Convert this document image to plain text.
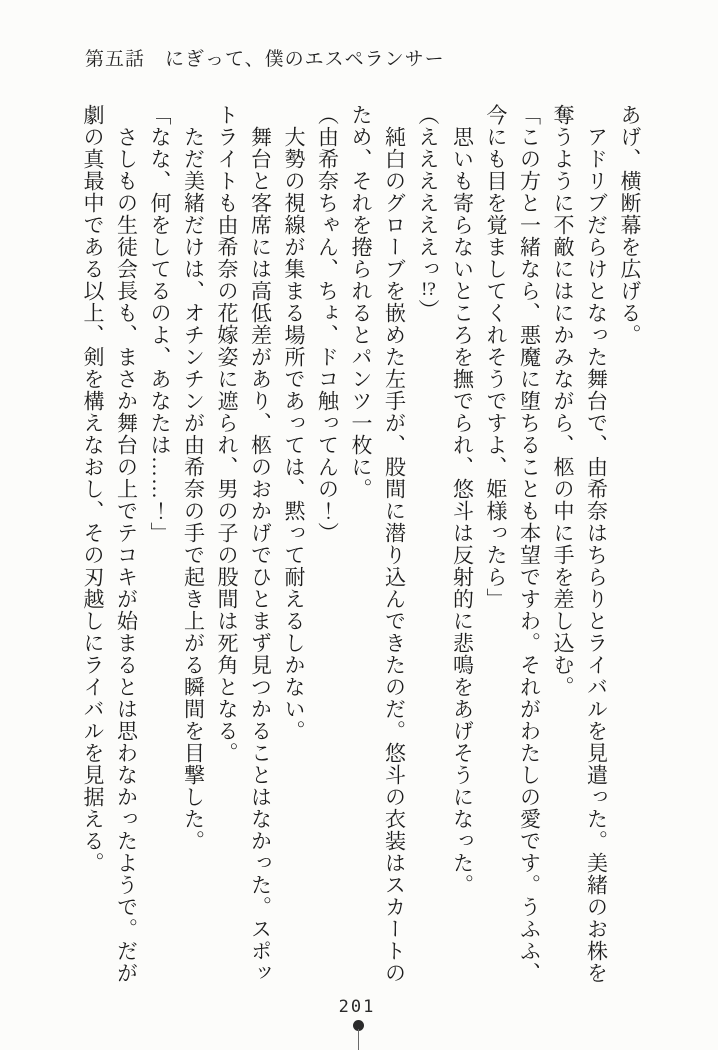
第五話　にぎって、僕のエスペランサー

あげ、横断幕を広げる。

アドリブだらけとなった舞台で、由希奈はちらりとライバルを見遣った。美緒のお株を

奪うように不敵にはにかみながら、柩の中に手を差し込む。

「この方と一緒なら、悪魔に堕ちることも本望ですわ。それがわたしの愛です。うふふ、

今にも目を覚ましてくれそうですよ、姫様ったら」

思いも寄らないところを撫でられ、悠斗は反射的に悲鳴をあげそうになった。

（ええええええっ!?）

純白のグローブを嵌めた左手が、股間に潜り込んできたのだ。悠斗の衣装はスカートの

ため、それを捲られるとパンツ一枚に。

（由希奈ちゃん、ちょ、ドコ触ってんの！）

大勢の視線が集まる場所であっては、黙って耐えるしかない。

舞台と客席には高低差があり、柩のおかげでひとまず見つかることはなかった。スポッ

トライトも由希奈の花嫁姿に遮られ、男の子の股間は死角となる。

ただ美緒だけは、オチンチンが由希奈の手で起き上がる瞬間を目撃した。

「なな、何をしてるのよ、あなたは……！」

さしもの生徒会長も、まさか舞台の上でテコキが始まるとは思わなかったようで。だが

劇の真最中である以上、剣を構えなおし、その刃越しにライバルを見据える。

201
